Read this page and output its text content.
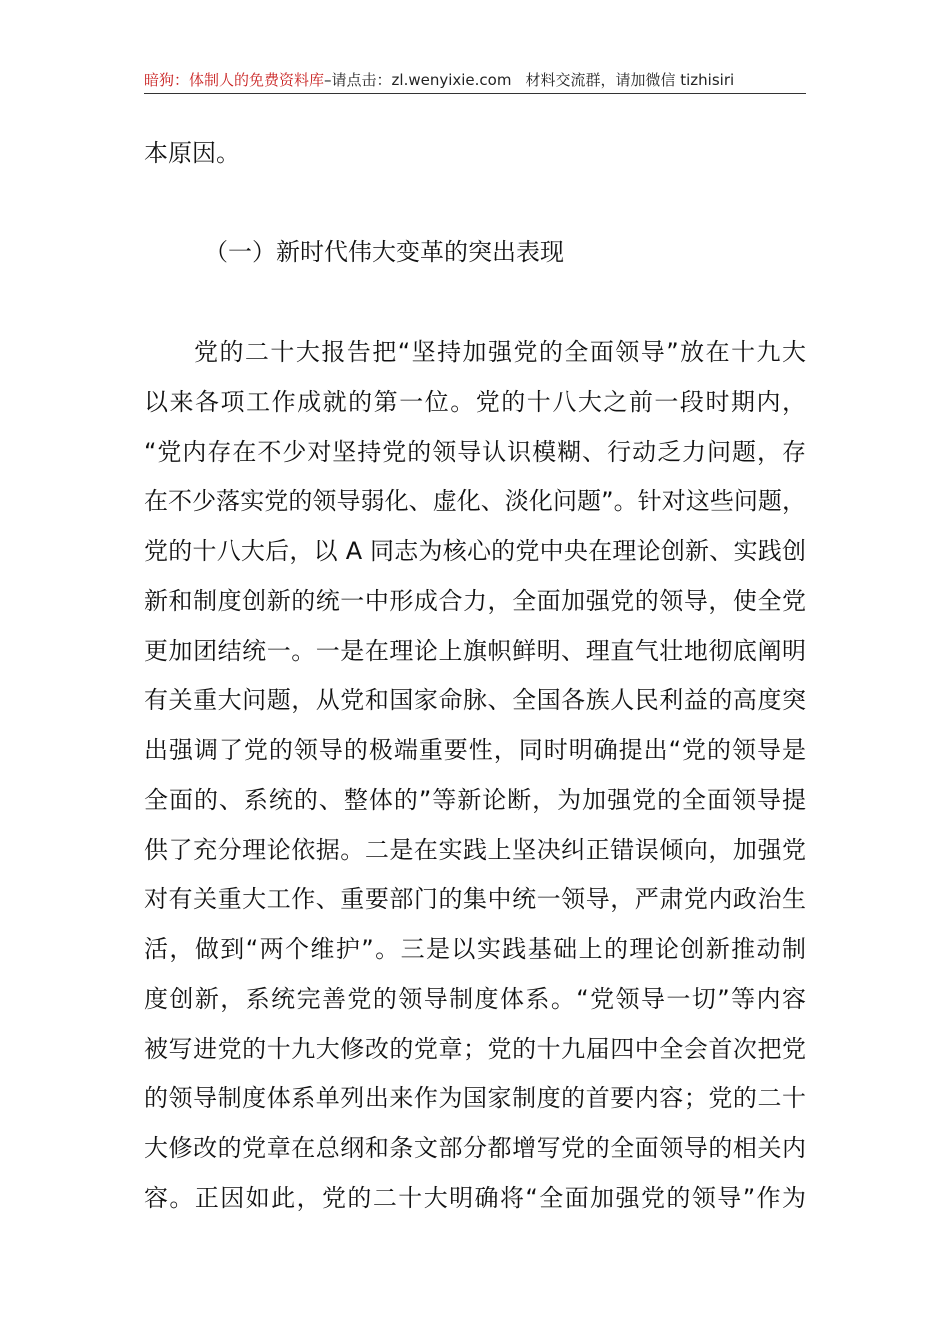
暗狗：体制人的免费资料库–请点击：zl.wenyixie.com 材料交流群，请加微信 tizhisiri
本原因。
（一）新时代伟大变革的突出表现
党的二十大报告把“坚持加强党的全面领导”放在十九大
以来各项工作成就的第一位。党的十八大之前一段时期内，
“党内存在不少对坚持党的领导认识模糊、行动乏力问题，存
在不少落实党的领导弱化、虚化、淡化问题”。针对这些问题，
党的十八大后，以 A 同志为核心的党中央在理论创新、实践创
新和制度创新的统一中形成合力，全面加强党的领导，使全党
更加团结统一。一是在理论上旗帜鲜明、理直气壮地彻底阐明
有关重大问题，从党和国家命脉、全国各族人民利益的高度突
出强调了党的领导的极端重要性，同时明确提出“党的领导是
全面的、系统的、整体的”等新论断，为加强党的全面领导提
供了充分理论依据。二是在实践上坚决纠正错误倾向，加强党
对有关重大工作、重要部门的集中统一领导，严肃党内政治生
活，做到“两个维护”。三是以实践基础上的理论创新推动制
度创新，系统完善党的领导制度体系。“党领导一切”等内容
被写进党的十九大修改的党章；党的十九届四中全会首次把党
的领导制度体系单列出来作为国家制度的首要内容；党的二十
大修改的党章在总纲和条文部分都增写党的全面领导的相关内
容。正因如此，党的二十大明确将“全面加强党的领导”作为
